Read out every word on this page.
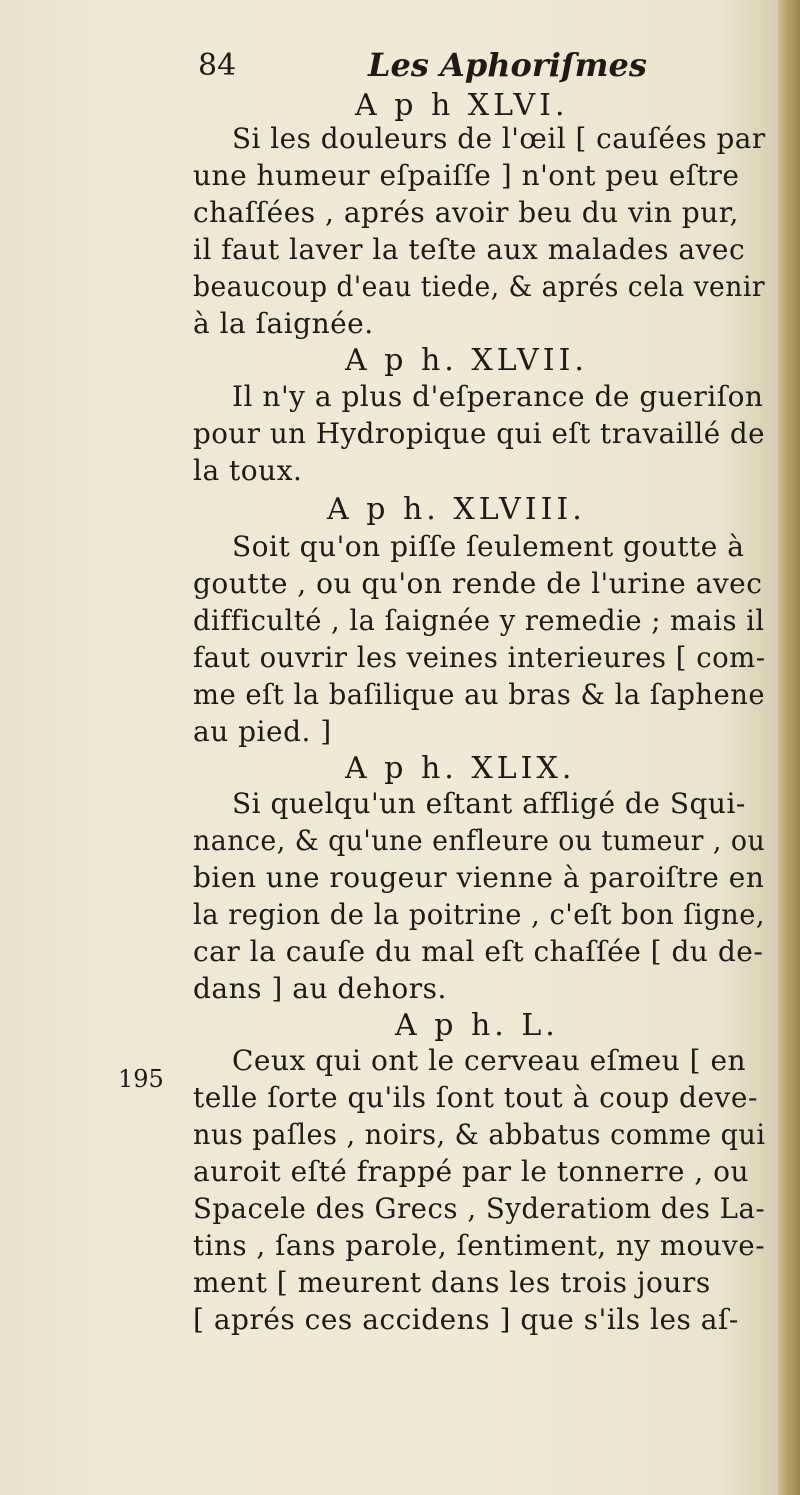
84	Les Aphoriſmes
A p h XLVI.
Si les douleurs de l'œil [ cauſées par
une humeur eſpaiſſe ] n'ont peu eſtre
chaſſées , aprés avoir beu du vin pur,
il faut laver la teſte aux malades avec
beaucoup d'eau tiede, & aprés cela venir
à la ſaignée.
A p h. XLVII.
Il n'y a plus d'eſperance de gueriſon
pour un Hydropique qui eſt travaillé de
la toux.
A p h. XLVIII.
Soit qu'on piſſe ſeulement goutte à
goutte , ou qu'on rende de l'urine avec
difficulté , la ſaignée y remedie ; mais il
faut ouvrir les veines interieures [ com-
me eſt la baſilique au bras & la ſaphene
au pied. ]
A p h. XLIX.
Si quelqu'un eſtant affligé de Squi-
nance, & qu'une enfleure ou tumeur , ou
bien une rougeur vienne à paroiſtre en
la region de la poitrine , c'eſt bon ſigne,
car la cauſe du mal eſt chaſſée [ du de-
dans ] au dehors.
A p h. L.
195
Ceux qui ont le cerveau eſmeu [ en
telle ſorte qu'ils ſont tout à coup deve-
nus paſles , noirs, & abbatus comme qui
auroit eſté frappé par le tonnerre , ou
Spacele des Grecs , Syderatiom des La-
tins , ſans parole, ſentiment, ny mouve-
ment [ meurent dans les trois jours
[ aprés ces accidens ] que s'ils les aſ-
